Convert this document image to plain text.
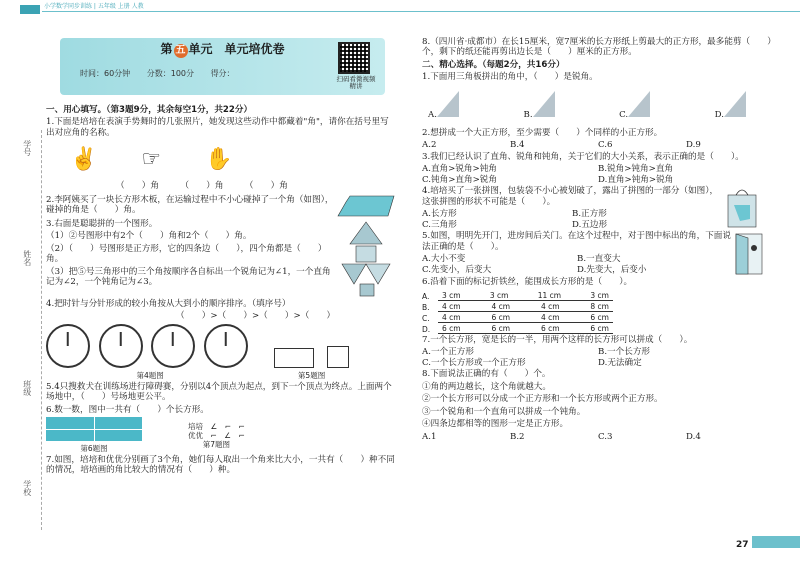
小学数学同步训练 | 五年级 上册 人教
学号
姓名
班级
学校
第 五 单元　单元培优卷
时间：60分钟 分数：100分 得分：
扫码看微视频精讲
一、用心填写。（第3题9分，其余每空1分，共22分）
1.下面是培培在表演手势舞时的几张照片，她发现这些动作中都藏着"角"，请你在括号里写出对应角的名称。
✌ ☞ ✋
（　　）角　　　（　　）角　　　（　　）角
2.李阿姨买了一块长方形木板，在运输过程中不小心碰掉了一个角（如图），碰掉的角是（　　）角。
3.右面是聪聪拼的一个图形。
（1）②号图形中有2个（　　）角和2个（　　）角。
（2）（　　）号图形是正方形，它的四条边（　　），四个角都是（　　）角。
（3）把⑤号三角形中的三个角按顺序各自标出一个锐角记为∠1，一个直角记为∠2，一个钝角记为∠3。
4.把时针与分针形成的较小角按从大到小的顺序排序。（填序号）
（　　）>（　　）>（　　）>（　　）

第4题图
	第5题图
5.4只搜救犬在训练场进行障碍赛，分别以4个顶点为起点，到下一个顶点为终点。上面两个场地中，（　　）号场地更公平。
6.数一数，图中一共有（　　）个长方形。
第6题图
培培　∠　⌐　⌐
优优　⌐　∠　⌐
第7题图
7.如图，培培和优优分别画了3个角，她们每人取出一个角来比大小，一共有（　　）种不同的情况，培培画的角比较大的情况有（　　）种。
8.（四川省·成都市）在长15厘米，宽7厘米的长方形纸上剪最大的正方形，最多能剪（　　）个，剩下的纸还能再剪出边长是（　　）厘米的正方形。
二、精心选择。（每题2分，共16分）
1.下面用三角板拼出的角中，（　　）是锐角。
A.	B.	C.	D.
2.想拼成一个大正方形，至少需要（　　）个同样的小正方形。
A.2	B.4	C.6	D.9
3.我们已经认识了直角、锐角和钝角，关于它们的大小关系，表示正确的是（　　）。
A.直角>锐角>钝角	B.锐角>钝角>直角
C.钝角>直角>锐角	D.直角>钝角>锐角
4.培培买了一张拼图，包装袋不小心被划破了，露出了拼图的一部分（如图），这张拼图的形状不可能是（　　）。
A.长方形	B.正方形
C.三角形	D.五边形
5.如图，明明先开门，进房间后关门。在这个过程中，对于图中标出的角，下面说法正确的是（　　）。
A.大小不变	B.一直变大
C.先变小，后变大	D.先变大，后变小
6.沿着下面的标记折铁丝，能围成长方形的是（　　）。
A.	3 cm	3 cm	11 cm	3 cm
B.	4 cm	4 cm	4 cm	8 cm
C.	4 cm	6 cm	4 cm	6 cm
D. 6 cm	6 cm	6 cm	6 cm
7.一个长方形，宽是长的一半，用两个这样的长方形可以拼成（　　）。
A.一个正方形	B.一个长方形
C.一个长方形或一个正方形	D.无法确定
8.下面说法正确的有（　　）个。
①角的两边越长，这个角就越大。
②一个长方形可以分成一个正方形和一个长方形或两个正方形。
③一个锐角和一个直角可以拼成一个钝角。
④四条边都相等的图形一定是正方形。
A.1	B.2	C.3	D.4
27
